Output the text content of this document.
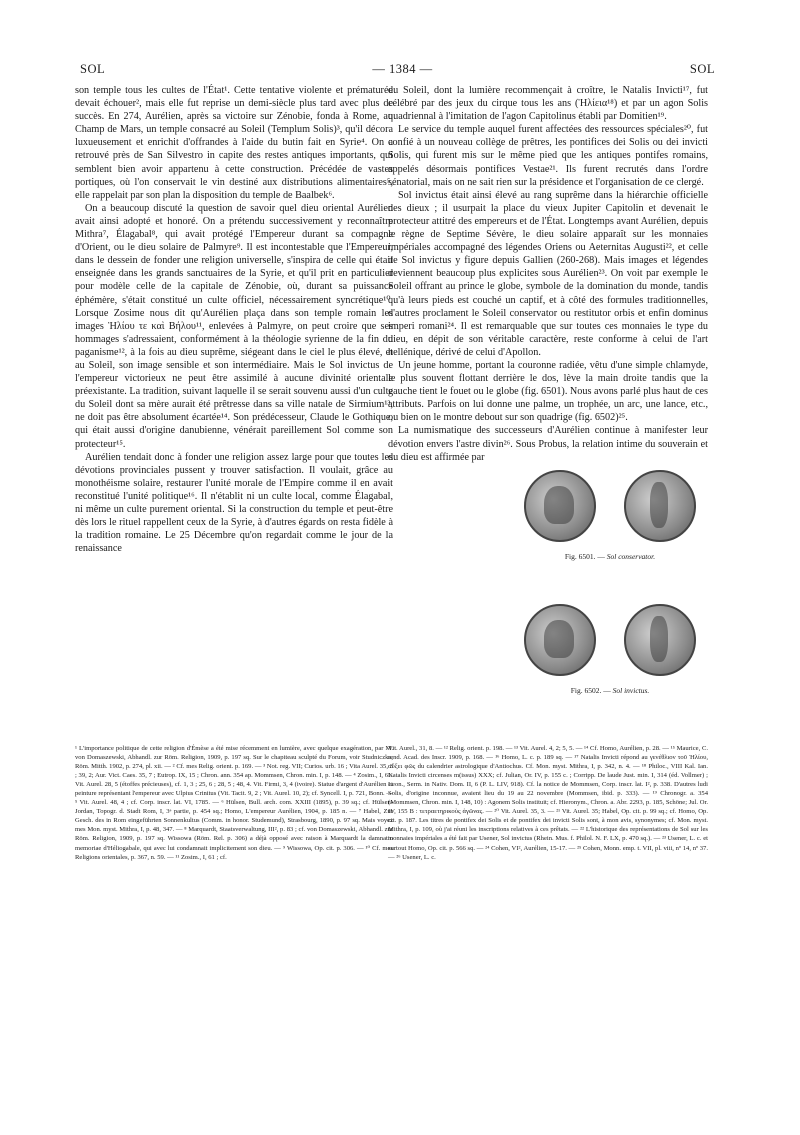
SOL	— 1384 —	SOL

son temple tous les cultes de l'État¹. Cette tentative violente et prématurée devait échouer², mais elle fut reprise un demi-siècle plus tard avec plus de succès. En 274, Aurélien, après sa victoire sur Zénobie, fonda à Rome, au Champ de Mars, un temple consacré au Soleil (Templum Solis)³, qu'il décora luxueusement et enrichit d'offrandes à l'aide du butin fait en Syrie⁴. On a retrouvé près de San Silvestro in capite des restes antiques importants, qui semblent bien avoir appartenu à cette construction. Précédée de vastes portiques, où l'on conservait le vin destiné aux distributions alimentaires⁵, elle rappelait par son plan la disposition du temple de Baalbek⁶.

On a beaucoup discuté la question de savoir quel dieu oriental Aurélien avait ainsi adopté et honoré. On a prétendu successivement y reconnaître Mithra⁷, Élagabal⁸, qui avait protégé l'Empereur durant sa compagne d'Orient, ou le dieu solaire de Palmyre⁹. Il est incontestable que l'Empereur, dans le dessein de fonder une religion universelle, s'inspira de celle qui était enseignée dans les grands sanctuaires de la Syrie, et qu'il prit en particulier pour modèle celle de la capitale de Zénobie, où, durant sa puissance éphémère, s'était constitué un culte officiel, nécessairement syncrétique¹⁰. Lorsque Zosime nous dit qu'Aurélien plaça dans son temple romain les images Ἡλίου τε καὶ Βήλου¹¹, enlevées à Palmyre, on peut croire que ses hommages s'adressaient, conformément à la théologie syrienne de la fin du paganisme¹², à la fois au dieu suprême, siégeant dans le ciel le plus élevé, et au Soleil, son image sensible et son intermédiaire. Mais le Sol invictus de l'empereur victorieux ne peut être assimilé à aucune divinité orientale préexistante. La tradition, suivant laquelle il se serait souvenu aussi d'un culte du Soleil dont sa mère aurait été prêtresse dans sa ville natale de Sirmium¹³, ne doit pas être absolument écartée¹⁴. Son prédécesseur, Claude le Gothique, qui était aussi d'origine danubienne, vénérait pareillement Sol comme son protecteur¹⁵.

Aurélien tendait donc à fonder une religion assez large pour que toutes les dévotions provinciales pussent y trouver satisfaction. Il voulait, grâce au monothéisme solaire, restaurer l'unité morale de l'Empire comme il en avait reconstitué l'unité politique¹⁶. Il n'établit ni un culte local, comme Élagabal, ni même un culte purement oriental. Si la construction du temple et peut-être dès lors le rituel rappellent ceux de la Syrie, à d'autres égards on resta fidèle à la tradition romaine. Le 25 Décembre qu'on regardait comme le jour de la renaissance

du Soleil, dont la lumière recommençait à croître, le Natalis Invicti¹⁷, fut célébré par des jeux du cirque tous les ans (Ἡλίεια¹⁸) et par un agon Solis quadriennal à l'imitation de l'agon Capitolinus établi par Domitien¹⁹.

Le service du temple auquel furent affectées des ressources spéciales²⁰, fut confié à un nouveau collège de prêtres, les pontifices dei Solis ou dei invicti Solis, qui furent mis sur le même pied que les antiques pontifes romains, appelés désormais pontifices Vestae²¹. Ils furent recrutés dans l'ordre sénatorial, mais on ne sait rien sur la présidence et l'organisation de ce clergé.

Sol invictus était ainsi élevé au rang suprême dans la hiérarchie officielle des dieux ; il usurpait la place du vieux Jupiter Capitolin et devenait le protecteur attitré des empereurs et de l'État. Longtemps avant Aurélien, depuis le règne de Septime Sévère, le dieu solaire apparaît sur les monnaies impériales accompagné des légendes Oriens ou Aeternitas Augusti²², et celle de Sol invictus y figure depuis Gallien (260-268). Mais images et légendes deviennent beaucoup plus explicites sous Aurélien²³. On voit par exemple le Soleil offrant au prince le globe, symbole de la domination du monde, tandis qu'à leurs pieds est couché un captif, et à côté des formules traditionnelles, d'autres proclament le Soleil conservator ou restitutor orbis et enfin dominus imperi romani²⁴. Il est remarquable que sur toutes ces monnaies le type du dieu, en dépit de son véritable caractère, reste conforme à celui de l'art hellénique, dérivé de celui d'Apollon.

Un jeune homme, portant la couronne radiée, vêtu d'une simple chlamyde, le plus souvent flottant derrière le dos, lève la main droite tandis que la gauche tient le fouet ou le globe (fig. 6501). Nous avons parlé plus haut de ces attributs. Parfois on lui donne une palme, un trophée, un arc, une lance, etc., ou bien on le montre debout sur son quadrige (fig. 6502)²⁵.

La numismatique des successeurs d'Aurélien continue à manifester leur dévotion envers l'astre divin²⁶. Sous Probus, la relation intime du souverain et du dieu est affirmée par

Fig. 6501. — Sol conservator.
Fig. 6502. — Sol invictus.

¹ L'importance politique de cette religion d'Émèse a été mise récemment en lumière, avec quelque exagération, par M. von Domaszewski, Abhandl. zur Röm. Religion, 1909, p. 197 sq. Sur le chapiteau sculpté du Forum, voir Studniczka, Röm. Mitth. 1902, p. 274, pl. xii. — ² Cf. mes Relig. orient. p. 169. — ³ Not. reg. VII; Curios. urb. 16 ; Vita Aurel. 35, 3 ; 39, 2; Aur. Vict. Caes. 35, 7 ; Eutrop. IX, 15 ; Chron. ann. 354 ap. Mommsen, Chron. min. I, p. 148. — ⁴ Zosim., I, 61. Vit. Aurel. 28, 5 (étoffes précieuses), cf. 1, 3 ; 25, 6 ; 28, 5 ; 48, 4. Vit. Firmi, 3, 4 (ivoire). Statue d'argent d'Aurélien et peinture représentant l'empereur avec Ulpius Crinitus (Vit. Tacit. 9, 2 ; Vit. Aurel. 10, 2); cf. Syncell. I, p. 721, Bonn. — ⁵ Vit. Aurel. 48, 4 ; cf. Corp. inscr. lat. VI, 1785. — ⁶ Hülsen, Bull. arch. com. XXIII (1895), p. 39 sq.; cf. Hülsen-Jordan, Topogr. d. Stadt Rom, I, 3ᵉ partie, p. 454 sq.; Homo, L'empereur Aurélien, 1904, p. 185 n. — ⁷ Habel, Zur Gesch. des in Rom eingeführten Sonnenkultus (Comm. in honor. Studemund), Strasbourg, 1890, p. 97 sq. Mais voyez mes Mon. myst. Mithra, I, p. 48, 347. — ⁸ Marquardt, Staatsverwaltung, III², p. 83 ; cf. von Domaszewski, Abhandl. zur Röm. Religion, 1909, p. 197 sq. Wissowa (Röm. Rel. p. 306) a déjà opposé avec raison à Marquardt la damnatio memoriae d'Héliogabale, qui avec lui condamnait implicitement son dieu. — ⁹ Wissowa, Op. cit. p. 306. — ¹⁰ Cf. mes Religions orientales, p. 367, n. 59. — ¹¹ Zosim., I, 61 ; cf.

Vit. Aurel., 31, 8. — ¹² Relig. orient. p. 198. — ¹³ Vit. Aurel. 4, 2; 5, 5. — ¹⁴ Cf. Homo, Aurélien, p. 28. — ¹⁵ Maurice, C. rend. Acad. des Inscr. 1909, p. 168. — ¹⁶ Homo, L. c. p. 189 sq. — ¹⁷ Natalis Invicti répond au γενέθλιον τοῦ Ἡλίου, αὔξει φῶς du calendrier astrologique d'Antiochus. Cf. Mon. myst. Mithra, I, p. 342, n. 4. — ¹⁸ Philoc., VIII Kal. Ian. Natalis Invicti circenses m(issus) XXX; cf. Julian, Or. IV, p. 155 c. ; Corripp. De laude Just. min. I, 314 (éd. Vollmer) ; Leon., Serm. in Nativ. Dom. II, 6 (P. L. LIV, 918). Cf. la notice de Mommsen, Corp. inscr. lat. I², p. 338. D'autres ludi Solis, d'origine inconnue, avaient lieu du 19 au 22 novembre (Mommsen, ibid. p. 333). — ¹⁹ Chronogr. a. 354 (Mommsen, Chron. min. I, 148, 10) : Agonem Solis instituit; cf. Hieronym., Chron. a. Abr. 2293, p. 185, Schöne; Jul. Or. IV, 155 B : τετραετηρικοὺς ἀγῶνας. — ²⁰ Vit. Aurel. 35, 3. — ²¹ Vit. Aurel. 35; Habel, Op. cit. p. 99 sq.; cf. Homo, Op. cit. p. 187. Les titres de pontifex dei Solis et de pontifex dei invicti Solis sont, à mon avis, synonymes; cf. Mon. myst. Mithra, I, p. 109, où j'ai réuni les inscriptions relatives à ces prêtats. — ²² L'historique des représentations de Sol sur les monnaies impériales a été fait par Usener, Sol invictus (Rhein. Mus. f. Philol. N. F. LX, p. 470 sq.). — ²³ Usener, L. c. et surtout Homo, Op. cit. p. 566 sq. — ²⁴ Cohen, VI², Aurélien, 15-17. — ²⁵ Cohen, Monn. emp. t. VII, pl. viii, nº 14, nº 37. — ²⁶ Usener, L. c.
